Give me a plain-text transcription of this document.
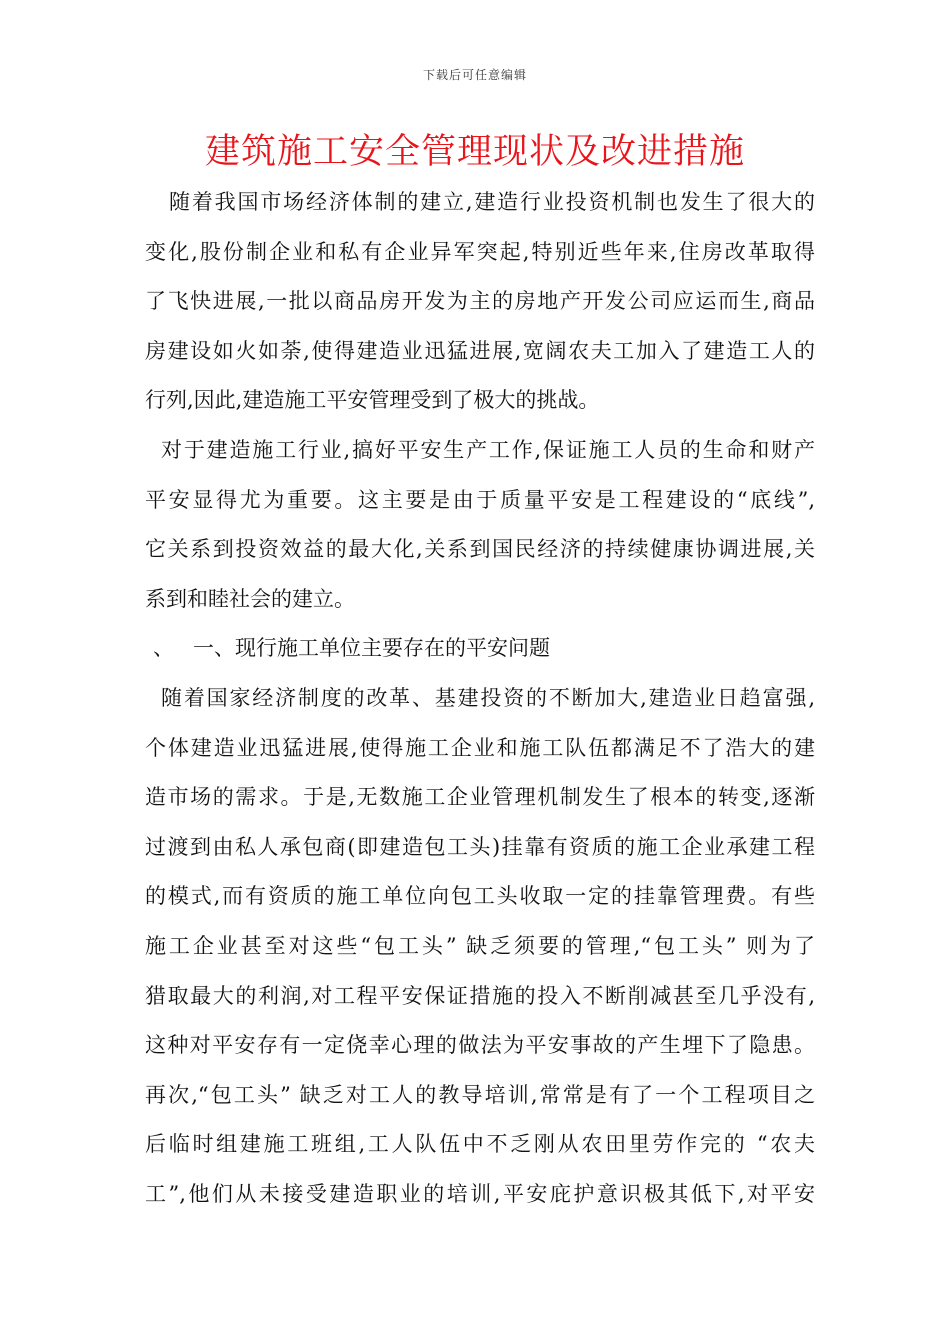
下载后可任意编辑
建筑施工安全管理现状及改进措施
随着我国市场经济体制的建立,建造行业投资机制也发生了很大的
变化,股份制企业和私有企业异军突起,特别近些年来,住房改革取得
了飞快进展,一批以商品房开发为主的房地产开发公司应运而生,商品
房建设如火如荼,使得建造业迅猛进展,宽阔农夫工加入了建造工人的
行列,因此,建造施工平安管理受到了极大的挑战。
对于建造施工行业,搞好平安生产工作,保证施工人员的生命和财产
平安显得尤为重要。这主要是由于质量平安是工程建设的“底线”,
它关系到投资效益的最大化,关系到国民经济的持续健康协调进展,关
系到和睦社会的建立。
、 一、现行施工单位主要存在的平安问题
随着国家经济制度的改革、基建投资的不断加大,建造业日趋富强,
个体建造业迅猛进展,使得施工企业和施工队伍都满足不了浩大的建
造市场的需求。于是,无数施工企业管理机制发生了根本的转变,逐渐
过渡到由私人承包商(即建造包工头)挂靠有资质的施工企业承建工程
的模式,而有资质的施工单位向包工头收取一定的挂靠管理费。有些
施工企业甚至对这些“包工头” 缺乏须要的管理,“包工头” 则为了
猎取最大的利润,对工程平安保证措施的投入不断削减甚至几乎没有,
这种对平安存有一定侥幸心理的做法为平安事故的产生埋下了隐患。
再次,“包工头” 缺乏对工人的教导培训,常常是有了一个工程项目之
后临时组建施工班组,工人队伍中不乏刚从农田里劳作完的 “农夫
工”,他们从未接受建造职业的培训,平安庇护意识极其低下,对平安
